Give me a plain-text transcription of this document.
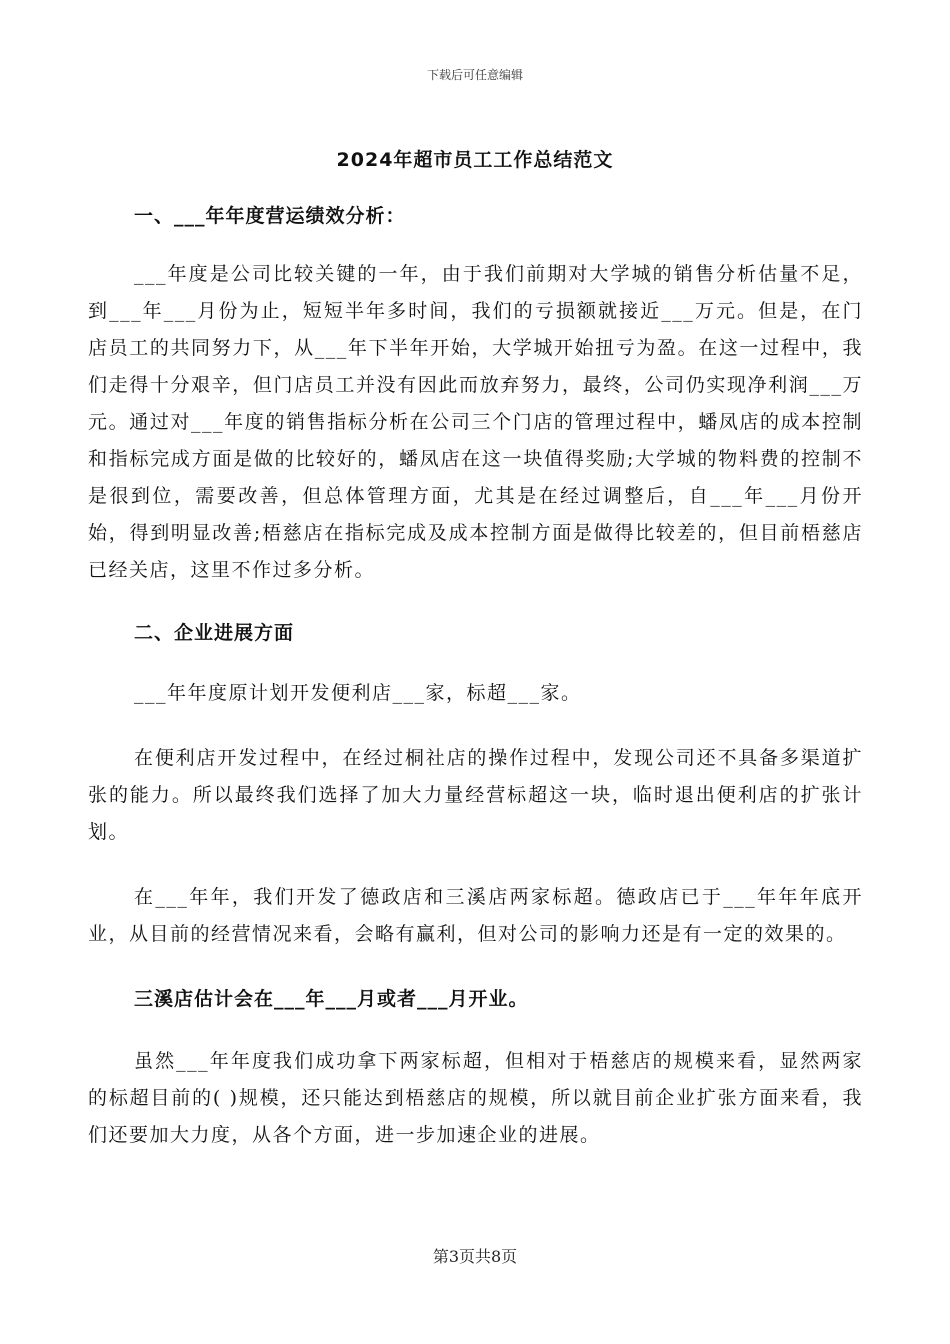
下载后可任意编辑
2024年超市员工工作总结范文

一、___年年度营运绩效分析：

___年度是公司比较关键的一年，由于我们前期对大学城的销售分析估量不足，到___年___月份为止，短短半年多时间，我们的亏损额就接近___万元。但是，在门店员工的共同努力下，从___年下半年开始，大学城开始扭亏为盈。在这一过程中，我们走得十分艰辛，但门店员工并没有因此而放弃努力，最终，公司仍实现净利润___万元。通过对___年度的销售指标分析在公司三个门店的管理过程中，蟠凤店的成本控制和指标完成方面是做的比较好的，蟠凤店在这一块值得奖励;大学城的物料费的控制不是很到位，需要改善，但总体管理方面，尤其是在经过调整后，自___年___月份开始，得到明显改善;梧慈店在指标完成及成本控制方面是做得比较差的，但目前梧慈店已经关店，这里不作过多分析。

二、企业进展方面

___年年度原计划开发便利店___家，标超___家。

在便利店开发过程中，在经过桐社店的操作过程中，发现公司还不具备多渠道扩张的能力。所以最终我们选择了加大力量经营标超这一块，临时退出便利店的扩张计划。

在___年年，我们开发了德政店和三溪店两家标超。德政店已于___年年年底开业，从目前的经营情况来看，会略有赢利，但对公司的影响力还是有一定的效果的。

三溪店估计会在___年___月或者___月开业。

虽然___年年度我们成功拿下两家标超，但相对于梧慈店的规模来看，显然两家的标超目前的( )规模，还只能达到梧慈店的规模，所以就目前企业扩张方面来看，我们还要加大力度，从各个方面，进一步加速企业的进展。

第3页共8页
